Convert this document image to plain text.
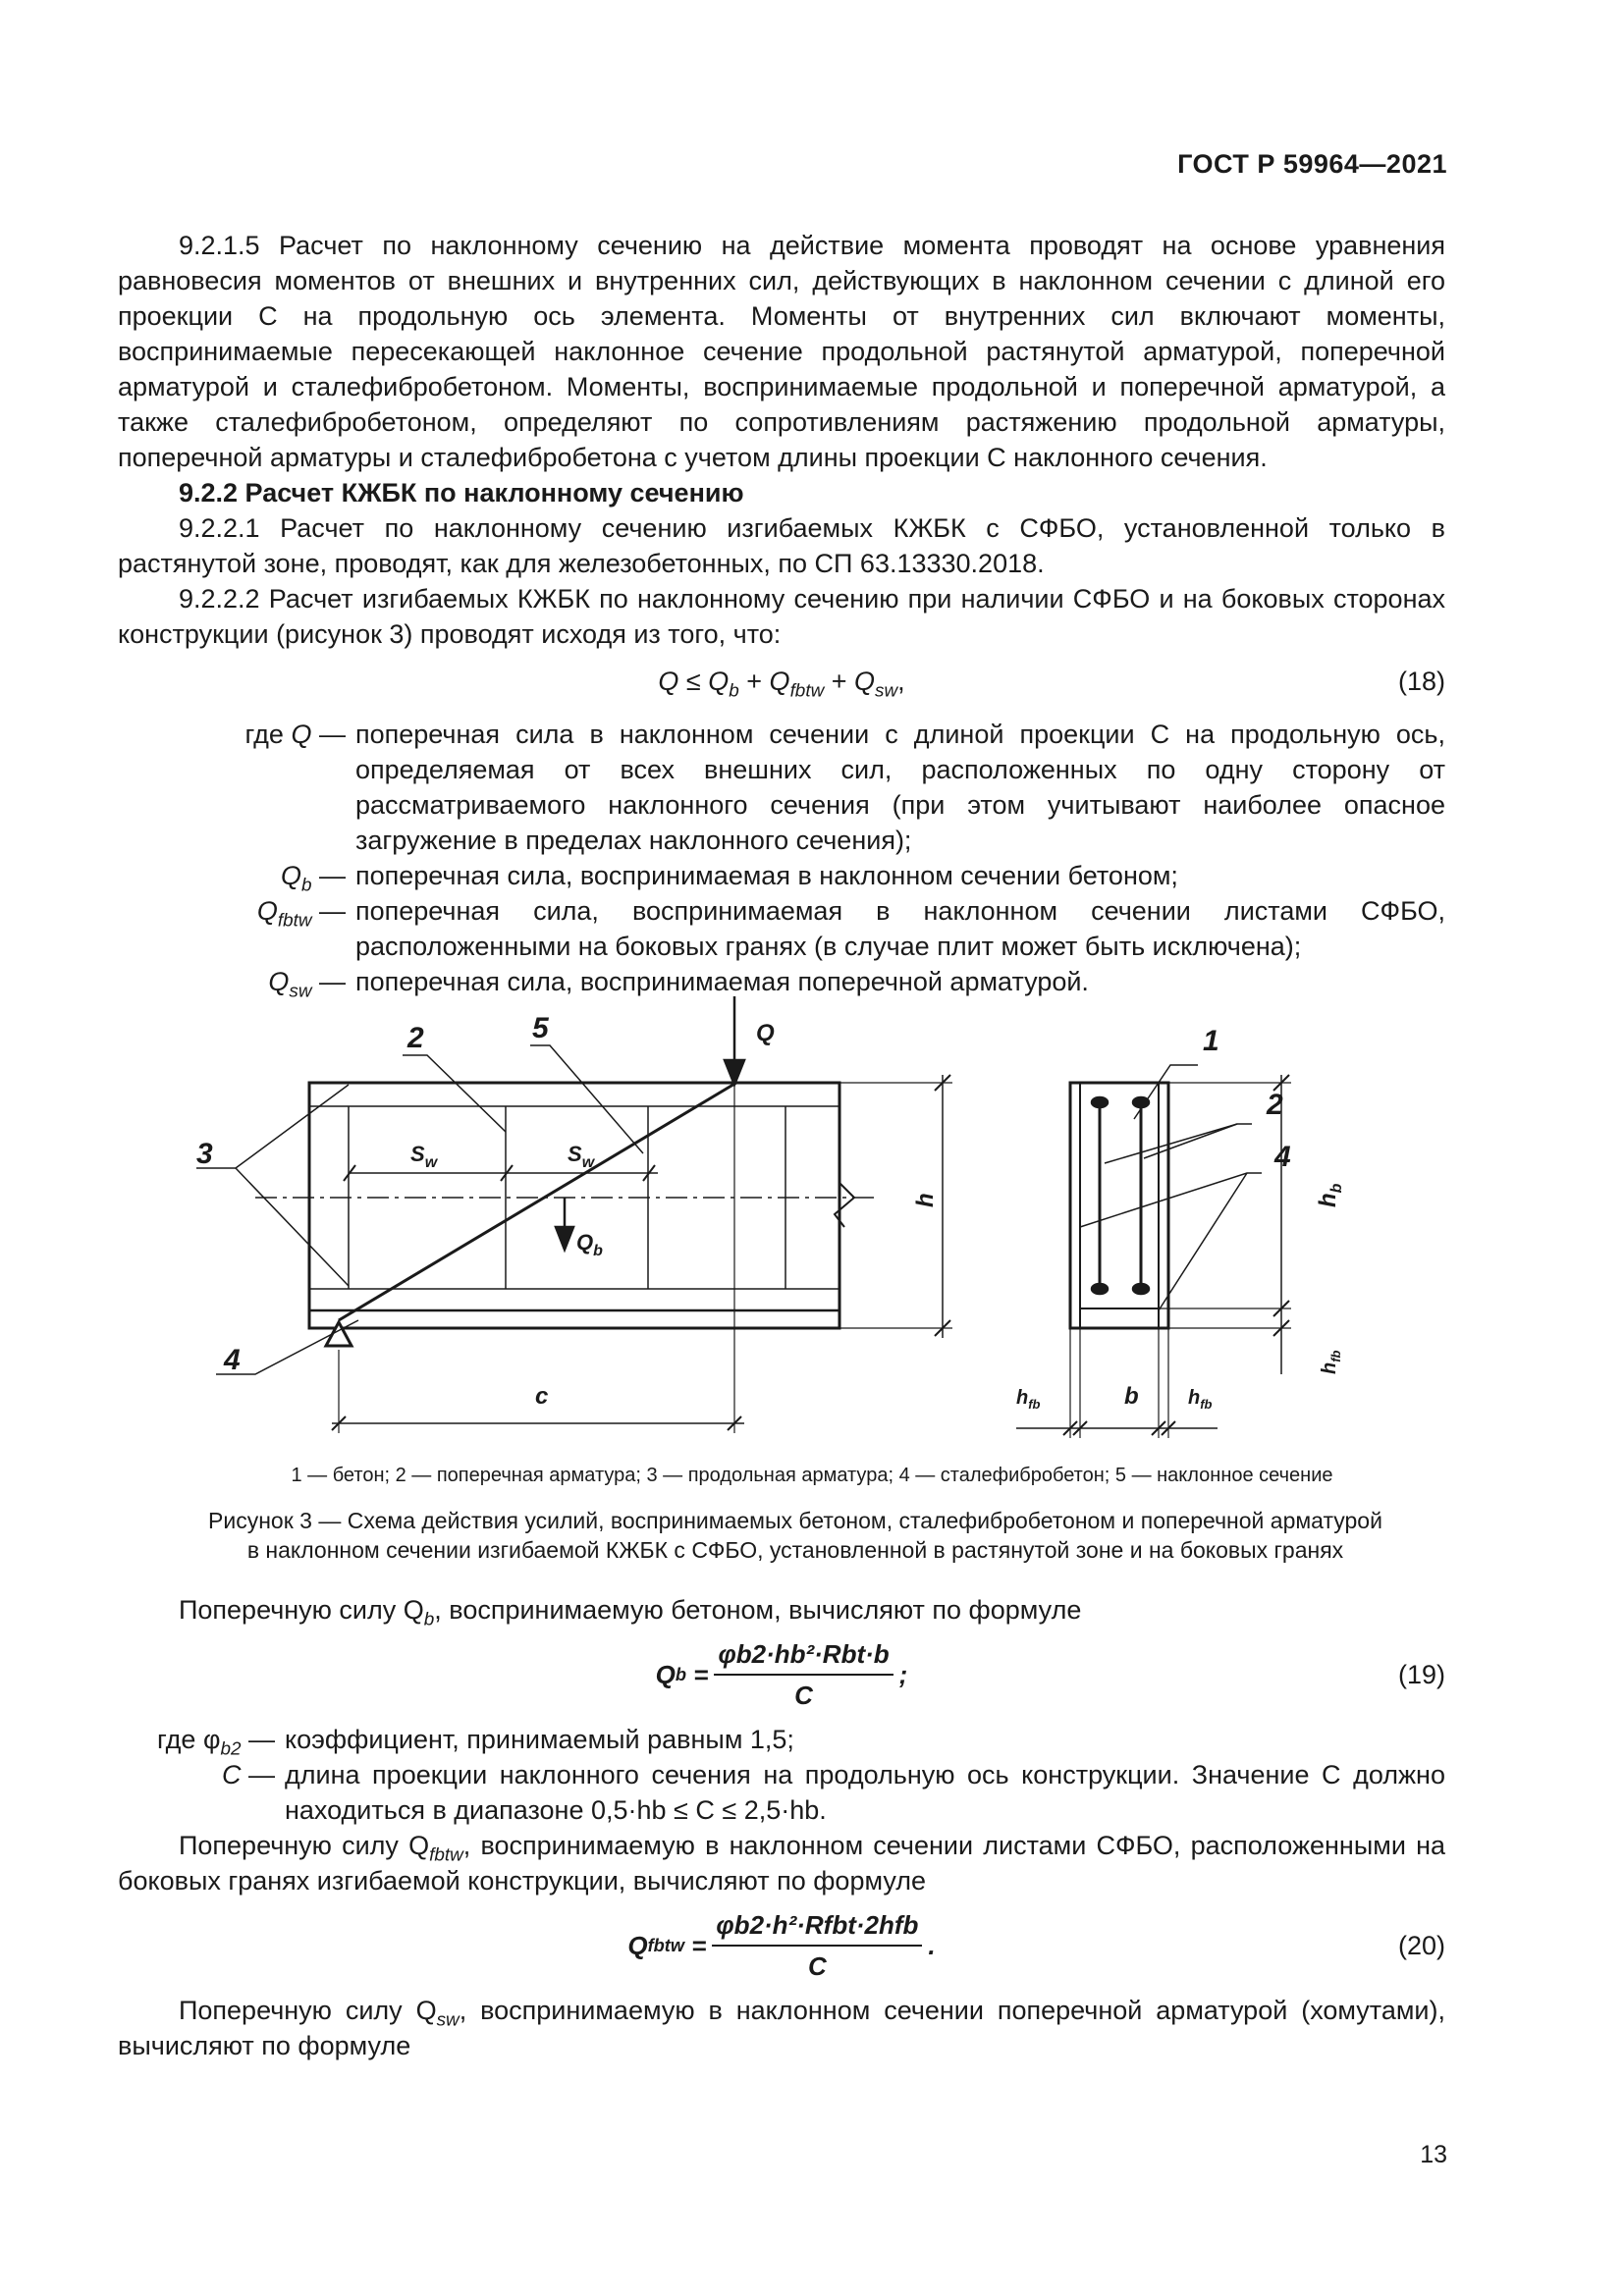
ГОСТ Р 59964—2021

9.2.1.5 Расчет по наклонному сечению на действие момента проводят на основе уравнения равновесия моментов от внешних и внутренних сил, действующих в наклонном сечении с длиной его проекции C на продольную ось элемента. Моменты от внутренних сил включают моменты, воспринимаемые пересекающей наклонное сечение продольной растянутой арматурой, поперечной арматурой и сталефибробетоном. Моменты, воспринимаемые продольной и поперечной арматурой, а также сталефибробетоном, определяют по сопротивлениям растяжению продольной арматуры, поперечной арматуры и сталефибробетона с учетом длины проекции C наклонного сечения.

9.2.2 Расчет КЖБК по наклонному сечению

9.2.2.1 Расчет по наклонному сечению изгибаемых КЖБК с СФБО, установленной только в растянутой зоне, проводят, как для железобетонных, по СП 63.13330.2018.

9.2.2.2 Расчет изгибаемых КЖБК по наклонному сечению при наличии СФБО и на боковых сторонах конструкции (рисунок 3) проводят исходя из того, что:

$Q \le Q_b + Q_{fbtw} + Q_{sw}$,	(18)
где Q — поперечная сила в наклонном сечении с длиной проекции C на продольную ось, определяемая от всех внешних сил, расположенных по одну сторону от рассматриваемого наклонного сечения (при этом учитывают наиболее опасное загружение в пределах наклонного сечения);
$Q_b$ — поперечная сила, воспринимаемая в наклонном сечении бетоном;
$Q_{fbtw}$ — поперечная сила, воспринимаемая в наклонном сечении листами СФБО, расположенными на боковых гранях (в случае плит может быть исключена);
$Q_{sw}$ — поперечная сила, воспринимаемая поперечной арматурой.
2	5
3
4
1
2
4
Q
$Q_b$
$S_w$	$S_w$
c	b
h	$h_b$
$h_{fb}$
$h_{fb}$	$h_{fb}$
1 — бетон; 2 — поперечная арматура; 3 — продольная арматура; 4 — сталефибробетон; 5 — наклонное сечение
Рисунок 3 — Схема действия усилий, воспринимаемых бетоном, сталефибробетоном и поперечной арматурой
в наклонном сечении изгибаемой КЖБК с СФБО, установленной в растянутой зоне и на боковых гранях

Поперечную силу $Q_b$, воспринимаемую бетоном, вычисляют по формуле

Q $b = \frac{\text{φb2·hb²·Rbt·b}}{C}$ ;	(19)
где $\varphi_{b2}$ — коэффициент, принимаемый равным 1,5;
C — длина проекции наклонного сечения на продольную ось конструкции. Значение C должно находиться в диапазоне 0,5·hb ≤ C ≤ 2,5·hb.

Поперечную силу $Q_{fbtw}$, воспринимаемую в наклонном сечении листами СФБО, расположенными на боковых гранях изгибаемой конструкции, вычисляют по формуле

Q fbtw = $\frac{\text{φb2·h²·Rfbt·2hfb}}{C}$ .	(20)

Поперечную силу $Q_{sw}$, воспринимаемую в наклонном сечении поперечной арматурой (хомутами), вычисляют по формуле

13
